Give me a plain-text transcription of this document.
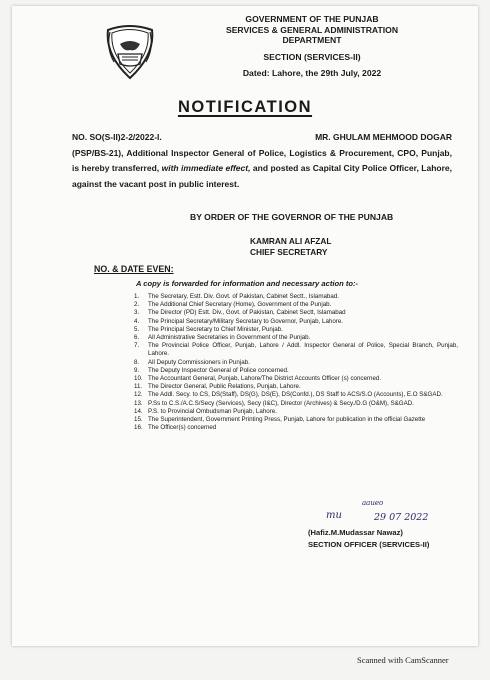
GOVERNMENT OF THE PUNJAB
SERVICES & GENERAL ADMINISTRATION
DEPARTMENT
SECTION (SERVICES-II)
Dated: Lahore, the 29th July, 2022
NOTIFICATION
NO. SO(S-II)2-2/2022-I.	MR. GHULAM MEHMOOD DOGAR
(PSP/BS-21), Additional Inspector General of Police, Logistics & Procurement, CPO, Punjab, is hereby transferred, with immediate effect, and posted as Capital City Police Officer, Lahore, against the vacant post in public interest.
BY ORDER OF THE GOVERNOR OF THE PUNJAB
KAMRAN ALI AFZAL
CHIEF SECRETARY
NO. & DATE EVEN:
A copy is forwarded for information and necessary action to:-
1.	The Secretary, Estt. Div. Govt. of Pakistan, Cabinet Sectt., Islamabad.
2.	The Additional Chief Secretary (Home), Government of the Punjab.
3.	The Director (PD) Estt. Div., Govt. of Pakistan, Cabinet Sectt, Islamabad
4.	The Principal Secretary/Military Secretary to Governor, Punjab, Lahore.
5.	The Principal Secretary to Chief Minister, Punjab.
6.	All Administrative Secretaries in Government of the Punjab.
7.	The Provincial Police Officer, Punjab, Lahore / Addl. Inspector General of Police, Special Branch, Punjab, Lahore.
8.	All Deputy Commissioners in Punjab.
9.	The Deputy Inspector General of Police concerned.
10. The Accountant General, Punjab, Lahore/The District Accounts Officer (s) concerned.
11. The Director General, Public Relations, Punjab, Lahore.
12. The Addl. Secy. to CS, DS(Staff), DS(G), DS(E), DS(Confd.), DS Staff to ACS/S.O (Accounts), E.O S&GAD.
13. P.Ss to C.S./A.C.S/Secy (Services), Secy (I&C), Director (Archives) & Secy./D.G (O&M), S&GAD.
14. P.S. to Provincial Ombudsman Punjab, Lahore.
15. The Superintendent, Government Printing Press, Punjab, Lahore for publication in the official Gazette
16. The Officer(s) concerned
aaueo
mu	29 07 2022
(Hafiz.M.Mudassar Nawaz)
SECTION OFFICER (SERVICES-II)
Scanned with CamScanner
